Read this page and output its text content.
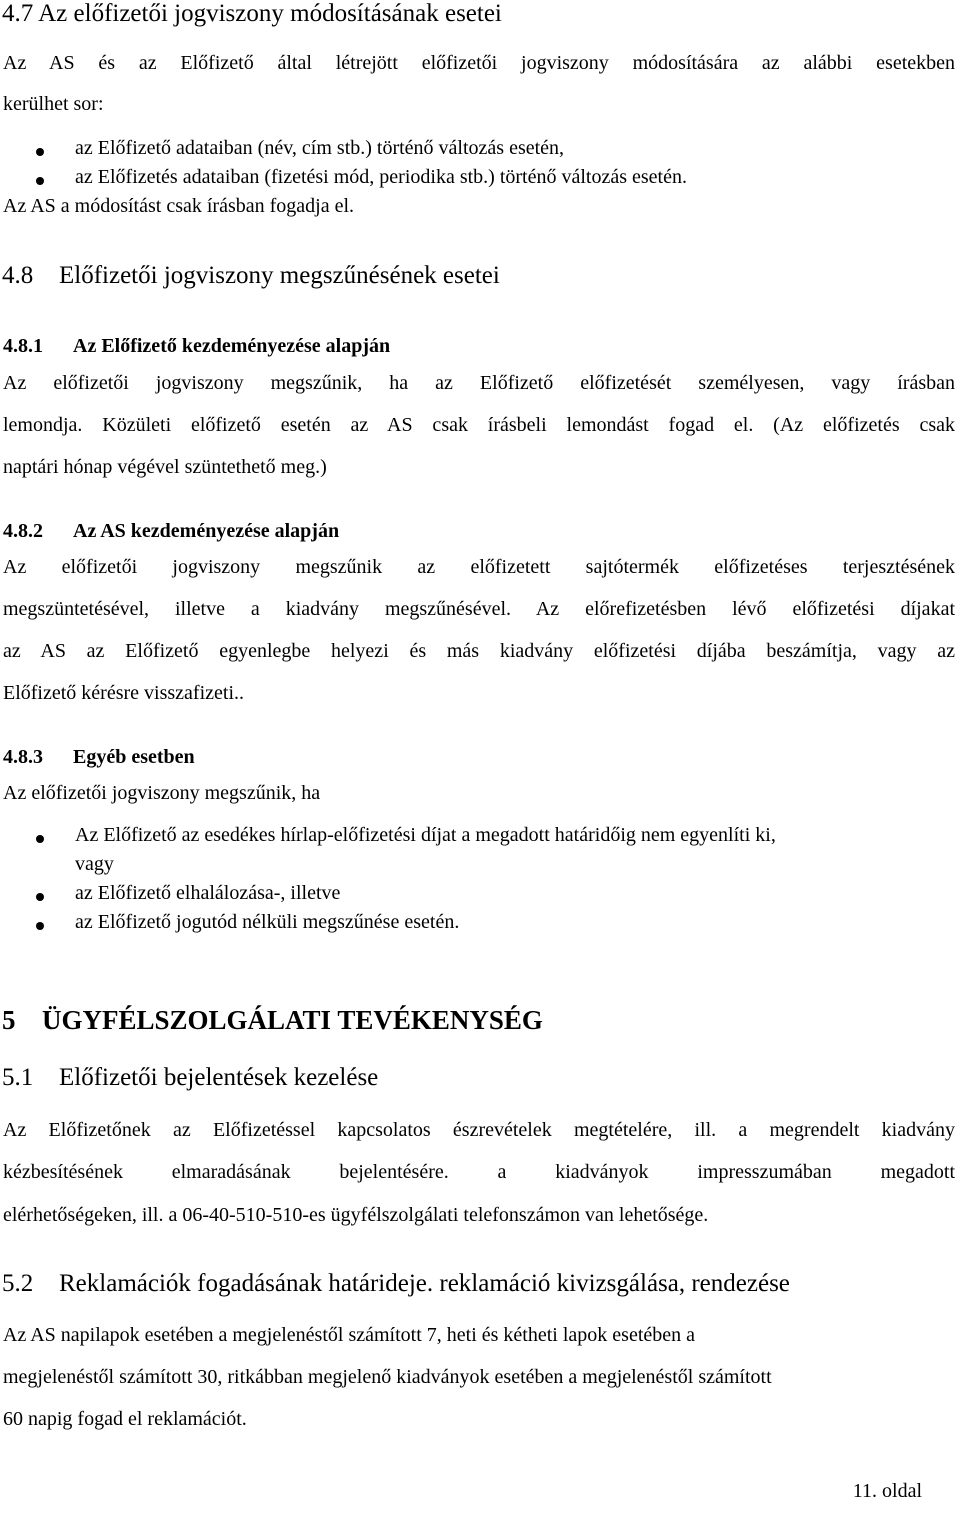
4.7 Az előfizetői jogviszony módosításának esetei
Az AS és az Előfizető által létrejött előfizetői jogviszony módosítására az alábbi esetekben
kerülhet sor:
az Előfizető adataiban (név, cím stb.) történő változás esetén,
az Előfizetés adataiban (fizetési mód, periodika stb.) történő változás esetén.
Az AS a módosítást csak írásban fogadja el.
4.8 Előfizetői jogviszony megszűnésének esetei
4.8.1 Az Előfizető kezdeményezése alapján
Az előfizetői jogviszony megszűnik, ha az Előfizető előfizetését személyesen, vagy írásban
lemondja. Közületi előfizető esetén az AS csak írásbeli lemondást fogad el. (Az előfizetés csak
naptári hónap végével szüntethető meg.)
4.8.2 Az AS kezdeményezése alapján
Az előfizetői jogviszony megszűnik az előfizetett sajtótermék előfizetéses terjesztésének
megszüntetésével, illetve a kiadvány megszűnésével. Az előrefizetésben lévő előfizetési díjakat
az AS az Előfizető egyenlegbe helyezi és más kiadvány előfizetési díjába beszámítja, vagy az
Előfizető kérésre visszafizeti..
4.8.3 Egyéb esetben
Az előfizetői jogviszony megszűnik, ha
Az Előfizető az esedékes hírlap-előfizetési díjat a megadott határidőig nem egyenlíti ki,
vagy
az Előfizető elhalálozása-, illetve
az Előfizető jogutód nélküli megszűnése esetén.
5 ÜGYFÉLSZOLGÁLATI TEVÉKENYSÉG
5.1 Előfizetői bejelentések kezelése
Az Előfizetőnek az Előfizetéssel kapcsolatos észrevételek megtételére, ill. a megrendelt kiadvány
kézbesítésének elmaradásának bejelentésére. a kiadványok impresszumában megadott
elérhetőségeken, ill. a 06-40-510-510-es ügyfélszolgálati telefonszámon van lehetősége.
5.2 Reklamációk fogadásának határideje. reklamáció kivizsgálása, rendezése
Az AS napilapok esetében a megjelenéstől számított 7, heti és kétheti lapok esetében a
megjelenéstől számított 30, ritkábban megjelenő kiadványok esetében a megjelenéstől számított
60 napig fogad el reklamációt.
11. oldal
